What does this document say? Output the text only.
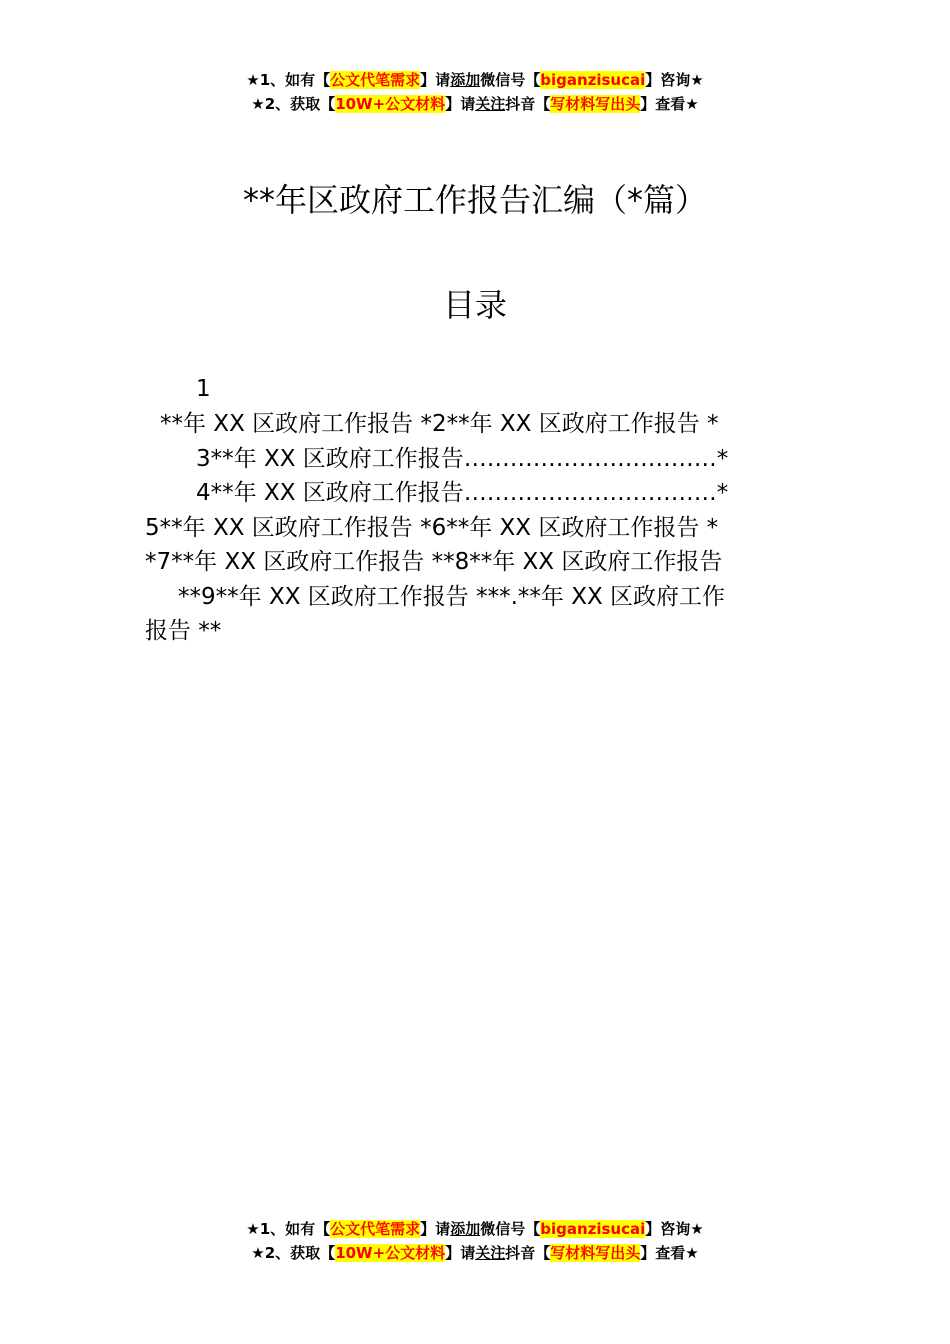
★1、如有【公文代笔需求】请添加微信号【biganzisucai】咨询★
★2、获取【10W+公文材料】请关注抖音【写材料写出头】查看★
**年区政府工作报告汇编（*篇）
目录
1
**年 XX 区政府工作报告 *2**年 XX 区政府工作报告 *
3**年 XX 区政府工作报告……………………………*
4**年 XX 区政府工作报告……………………………*
5**年 XX 区政府工作报告 *6**年 XX 区政府工作报告 *
*7**年 XX 区政府工作报告 **8**年 XX 区政府工作报告
**9**年 XX 区政府工作报告 ***.**年 XX 区政府工作
报告 **
★1、如有【公文代笔需求】请添加微信号【biganzisucai】咨询★
★2、获取【10W+公文材料】请关注抖音【写材料写出头】查看★
